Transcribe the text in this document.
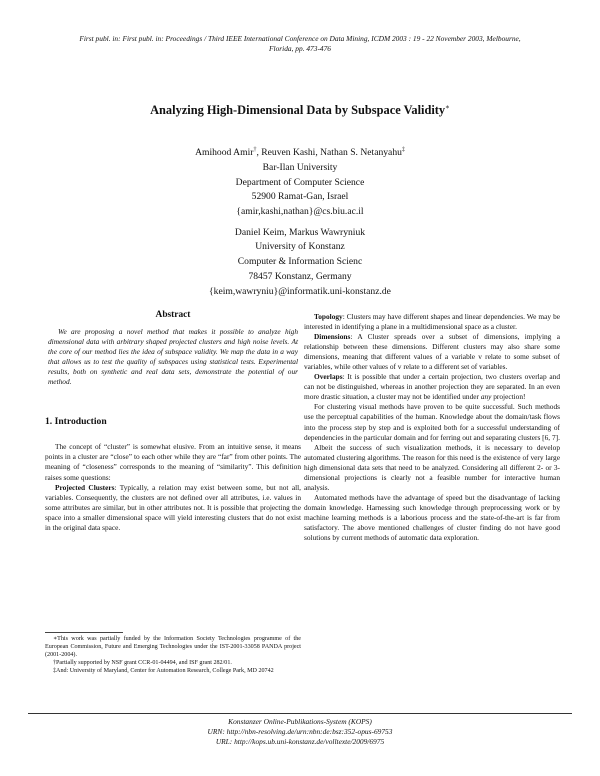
First publ. in: First publ. in: Proceedings / Third IEEE International Conference on Data Mining, ICDM 2003 : 19 - 22 November 2003, Melbourne,
Florida, pp. 473-476
Analyzing High-Dimensional Data by Subspace Validity∗
Amihood Amir†, Reuven Kashi, Nathan S. Netanyahu‡
Bar-Ilan University
Department of Computer Science
52900 Ramat-Gan, Israel
{amir,kashi,nathan}@cs.biu.ac.il
Daniel Keim, Markus Wawryniuk
University of Konstanz
Computer & Information Scienc
78457 Konstanz, Germany
{keim,wawryniu}@informatik.uni-konstanz.de
Abstract
We are proposing a novel method that makes it possible to analyze high dimensional data with arbitrary shaped projected clusters and high noise levels. At the core of our method lies the idea of subspace validity. We map the data in a way that allows us to test the quality of subspaces using statistical tests. Experimental results, both on synthetic and real data sets, demonstrate the potential of our method.
1. Introduction
The concept of “cluster” is somewhat elusive. From an intuitive sense, it means points in a cluster are “close” to each other while they are “far” from other points. The meaning of “closeness” corresponds to the meaning of “similarity”. This definition raises some questions:
Projected Clusters: Typically, a relation may exist between some, but not all, variables. Consequently, the clusters are not defined over all attributes, i.e. values in some attributes are similar, but in other attributes not. It is possible that projecting the space into a smaller dimensional space will yield interesting clusters that do not exist in the original data space.
∗This work was partially funded by the Information Society Technologies programme of the European Commission, Future and Emerging Technologies under the IST-2001-33058 PANDA project (2001-2004).
†Partially supported by NSF grant CCR-01-04494, and ISF grant 282/01.
‡And: University of Maryland, Center for Automation Research, College Park, MD 20742
Topology: Clusters may have different shapes and linear dependencies. We may be interested in identifying a plane in a multidimensional space as a cluster.
Dimensions: A Cluster spreads over a subset of dimensions, implying a relationship between these dimensions. Different clusters may also share some dimensions, meaning that different values of a variable v relate to some subset of variables, while other values of v relate to a different set of variables.
Overlaps: It is possible that under a certain projection, two clusters overlap and can not be distinguished, whereas in another projection they are separated. In an even more drastic situation, a cluster may not be identified under any projection!
For clustering visual methods have proven to be quite successful. Such methods use the perceptual capabilities of the human. Knowledge about the domain/task flows into the process step by step and is exploited both for a successful understanding of dependencies in the particular domain and for ferring out and separating clusters [6, 7].
Albeit the success of such visualization methods, it is necessary to develop automated clustering algorithms. The reason for this need is the existence of very large high dimensional data sets that need to be analyzed. Considering all different 2- or 3-dimensional projections is clearly not a feasible number for interactive human analysis.
Automated methods have the advantage of speed but the disadvantage of lacking domain knowledge. Harnessing such knowledge through preprocessing work or by machine learning methods is a laborious process and the state-of-the-art is far from satisfactory. The above mentioned challenges of cluster finding do not have good solutions by current methods of automatic data exploration.
Konstanzer Online-Publikations-System (KOPS)
URN: http://nbn-resolving.de/urn:nbn:de:bsz:352-opus-69753
URL: http://kops.ub.uni-konstanz.de/volltexte/2009/6975
